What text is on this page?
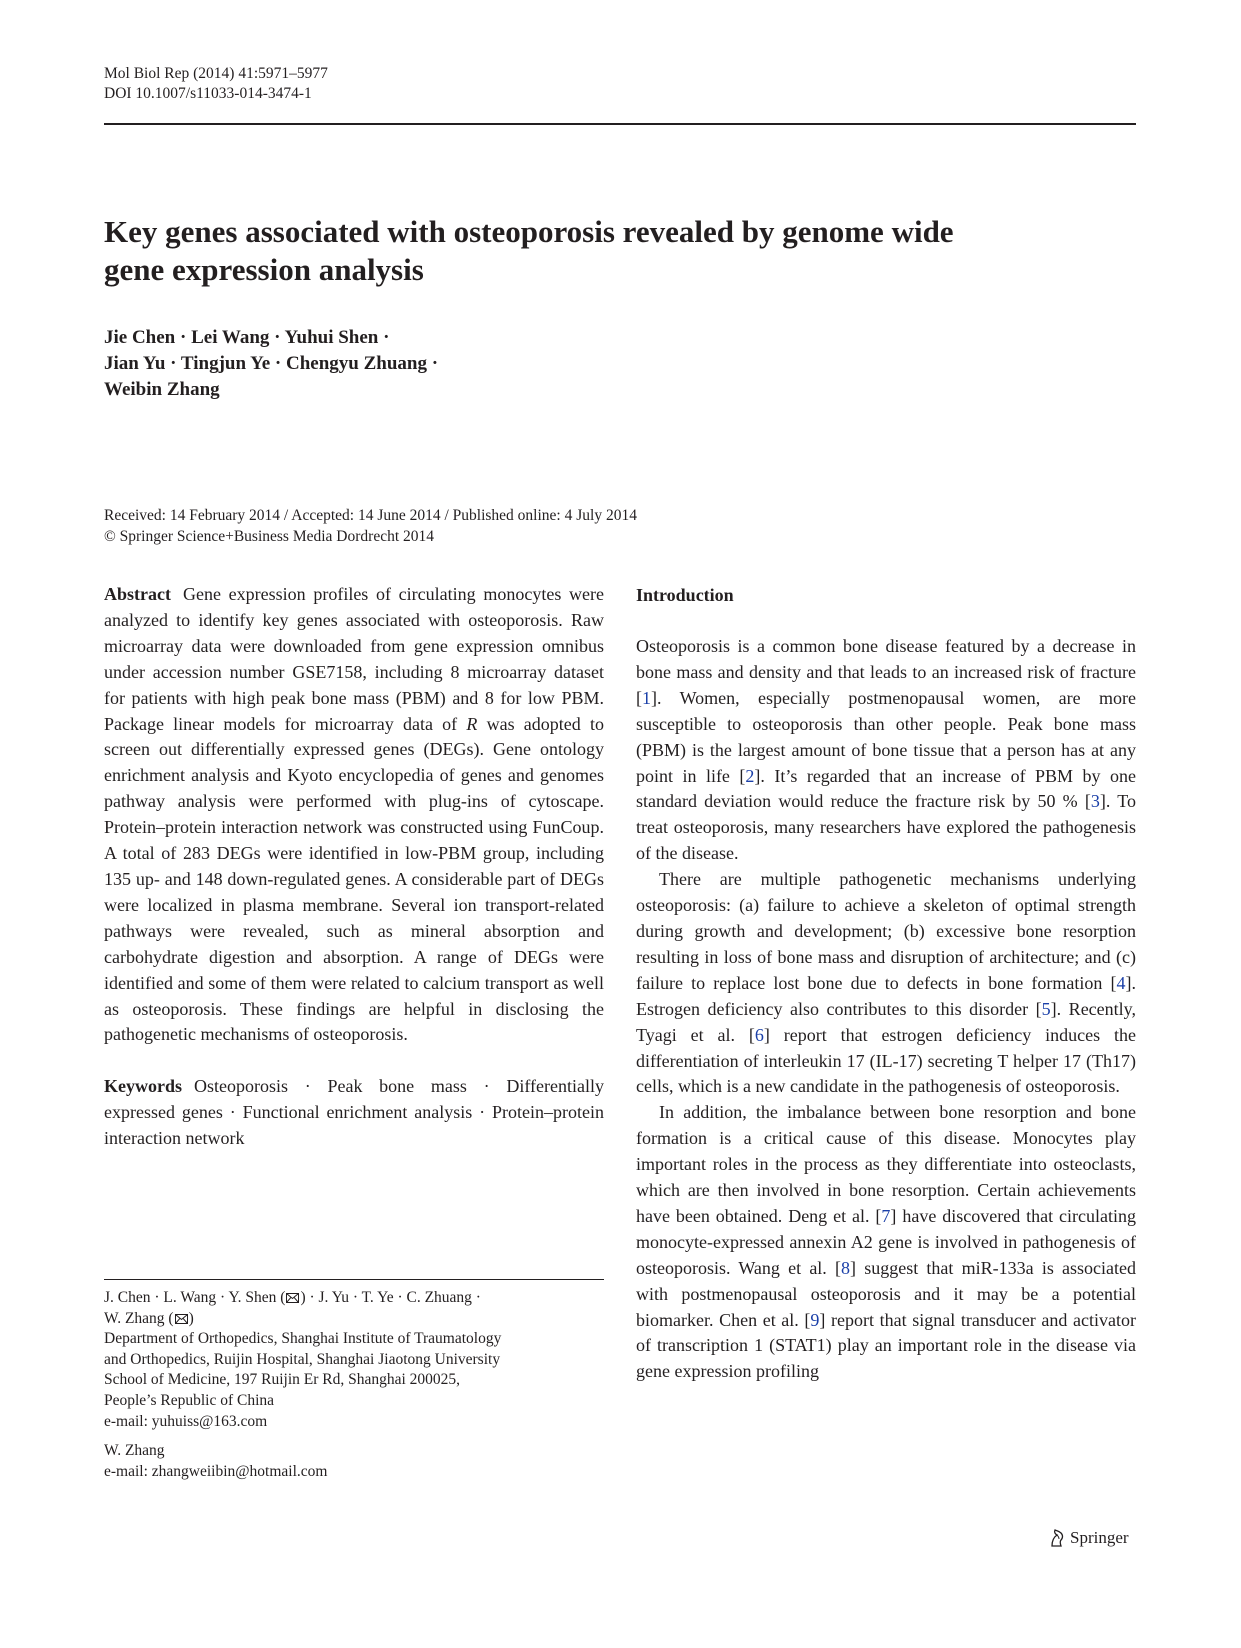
Mol Biol Rep (2014) 41:5971–5977
DOI 10.1007/s11033-014-3474-1
Key genes associated with osteoporosis revealed by genome wide
gene expression analysis
Jie Chen · Lei Wang · Yuhui Shen ·
Jian Yu · Tingjun Ye · Chengyu Zhuang ·
Weibin Zhang
Received: 14 February 2014 / Accepted: 14 June 2014 / Published online: 4 July 2014
© Springer Science+Business Media Dordrecht 2014

Abstract Gene expression profiles of circulating monocytes were analyzed to identify key genes associated with osteoporosis. Raw microarray data were downloaded from gene expression omnibus under accession number GSE7158, including 8 microarray dataset for patients with high peak bone mass (PBM) and 8 for low PBM. Package linear models for microarray data of R was adopted to screen out differentially expressed genes (DEGs). Gene ontology enrichment analysis and Kyoto encyclopedia of genes and genomes pathway analysis were performed with plug-ins of cytoscape. Protein–protein interaction network was constructed using FunCoup. A total of 283 DEGs were identified in low-PBM group, including 135 up- and 148 down-regulated genes. A considerable part of DEGs were localized in plasma membrane. Several ion transport-related pathways were revealed, such as mineral absorption and carbohydrate digestion and absorption. A range of DEGs were identified and some of them were related to calcium transport as well as osteoporosis. These findings are helpful in disclosing the pathogenetic mechanisms of osteoporosis.

Keywords Osteoporosis · Peak bone mass · Differentially expressed genes · Functional enrichment analysis · Protein–protein interaction network

J. Chen · L. Wang · Y. Shen ( ) · J. Yu · T. Ye · C. Zhuang ·
W. Zhang ( )
Department of Orthopedics, Shanghai Institute of Traumatology
and Orthopedics, Ruijin Hospital, Shanghai Jiaotong University
School of Medicine, 197 Ruijin Er Rd, Shanghai 200025,
People’s Republic of China
e-mail: yuhuiss@163.com
W. Zhang
e-mail: zhangweiibin@hotmail.com

Introduction

Osteoporosis is a common bone disease featured by a decrease in bone mass and density and that leads to an increased risk of fracture [1]. Women, especially postmenopausal women, are more susceptible to osteoporosis than other people. Peak bone mass (PBM) is the largest amount of bone tissue that a person has at any point in life [2]. It’s regarded that an increase of PBM by one standard deviation would reduce the fracture risk by 50 % [3]. To treat osteoporosis, many researchers have explored the pathogenesis of the disease.

There are multiple pathogenetic mechanisms underlying osteoporosis: (a) failure to achieve a skeleton of optimal strength during growth and development; (b) excessive bone resorption resulting in loss of bone mass and disruption of architecture; and (c) failure to replace lost bone due to defects in bone formation [4]. Estrogen deficiency also contributes to this disorder [5]. Recently, Tyagi et al. [6] report that estrogen deficiency induces the differentiation of interleukin 17 (IL-17) secreting T helper 17 (Th17) cells, which is a new candidate in the pathogenesis of osteoporosis.

In addition, the imbalance between bone resorption and bone formation is a critical cause of this disease. Monocytes play important roles in the process as they differentiate into osteoclasts, which are then involved in bone resorption. Certain achievements have been obtained. Deng et al. [7] have discovered that circulating monocyte-expressed annexin A2 gene is involved in pathogenesis of osteoporosis. Wang et al. [8] suggest that miR-133a is associated with postmenopausal osteoporosis and it may be a potential biomarker. Chen et al. [9] report that signal transducer and activator of transcription 1 (STAT1) play an important role in the disease via gene expression profiling

Springer
